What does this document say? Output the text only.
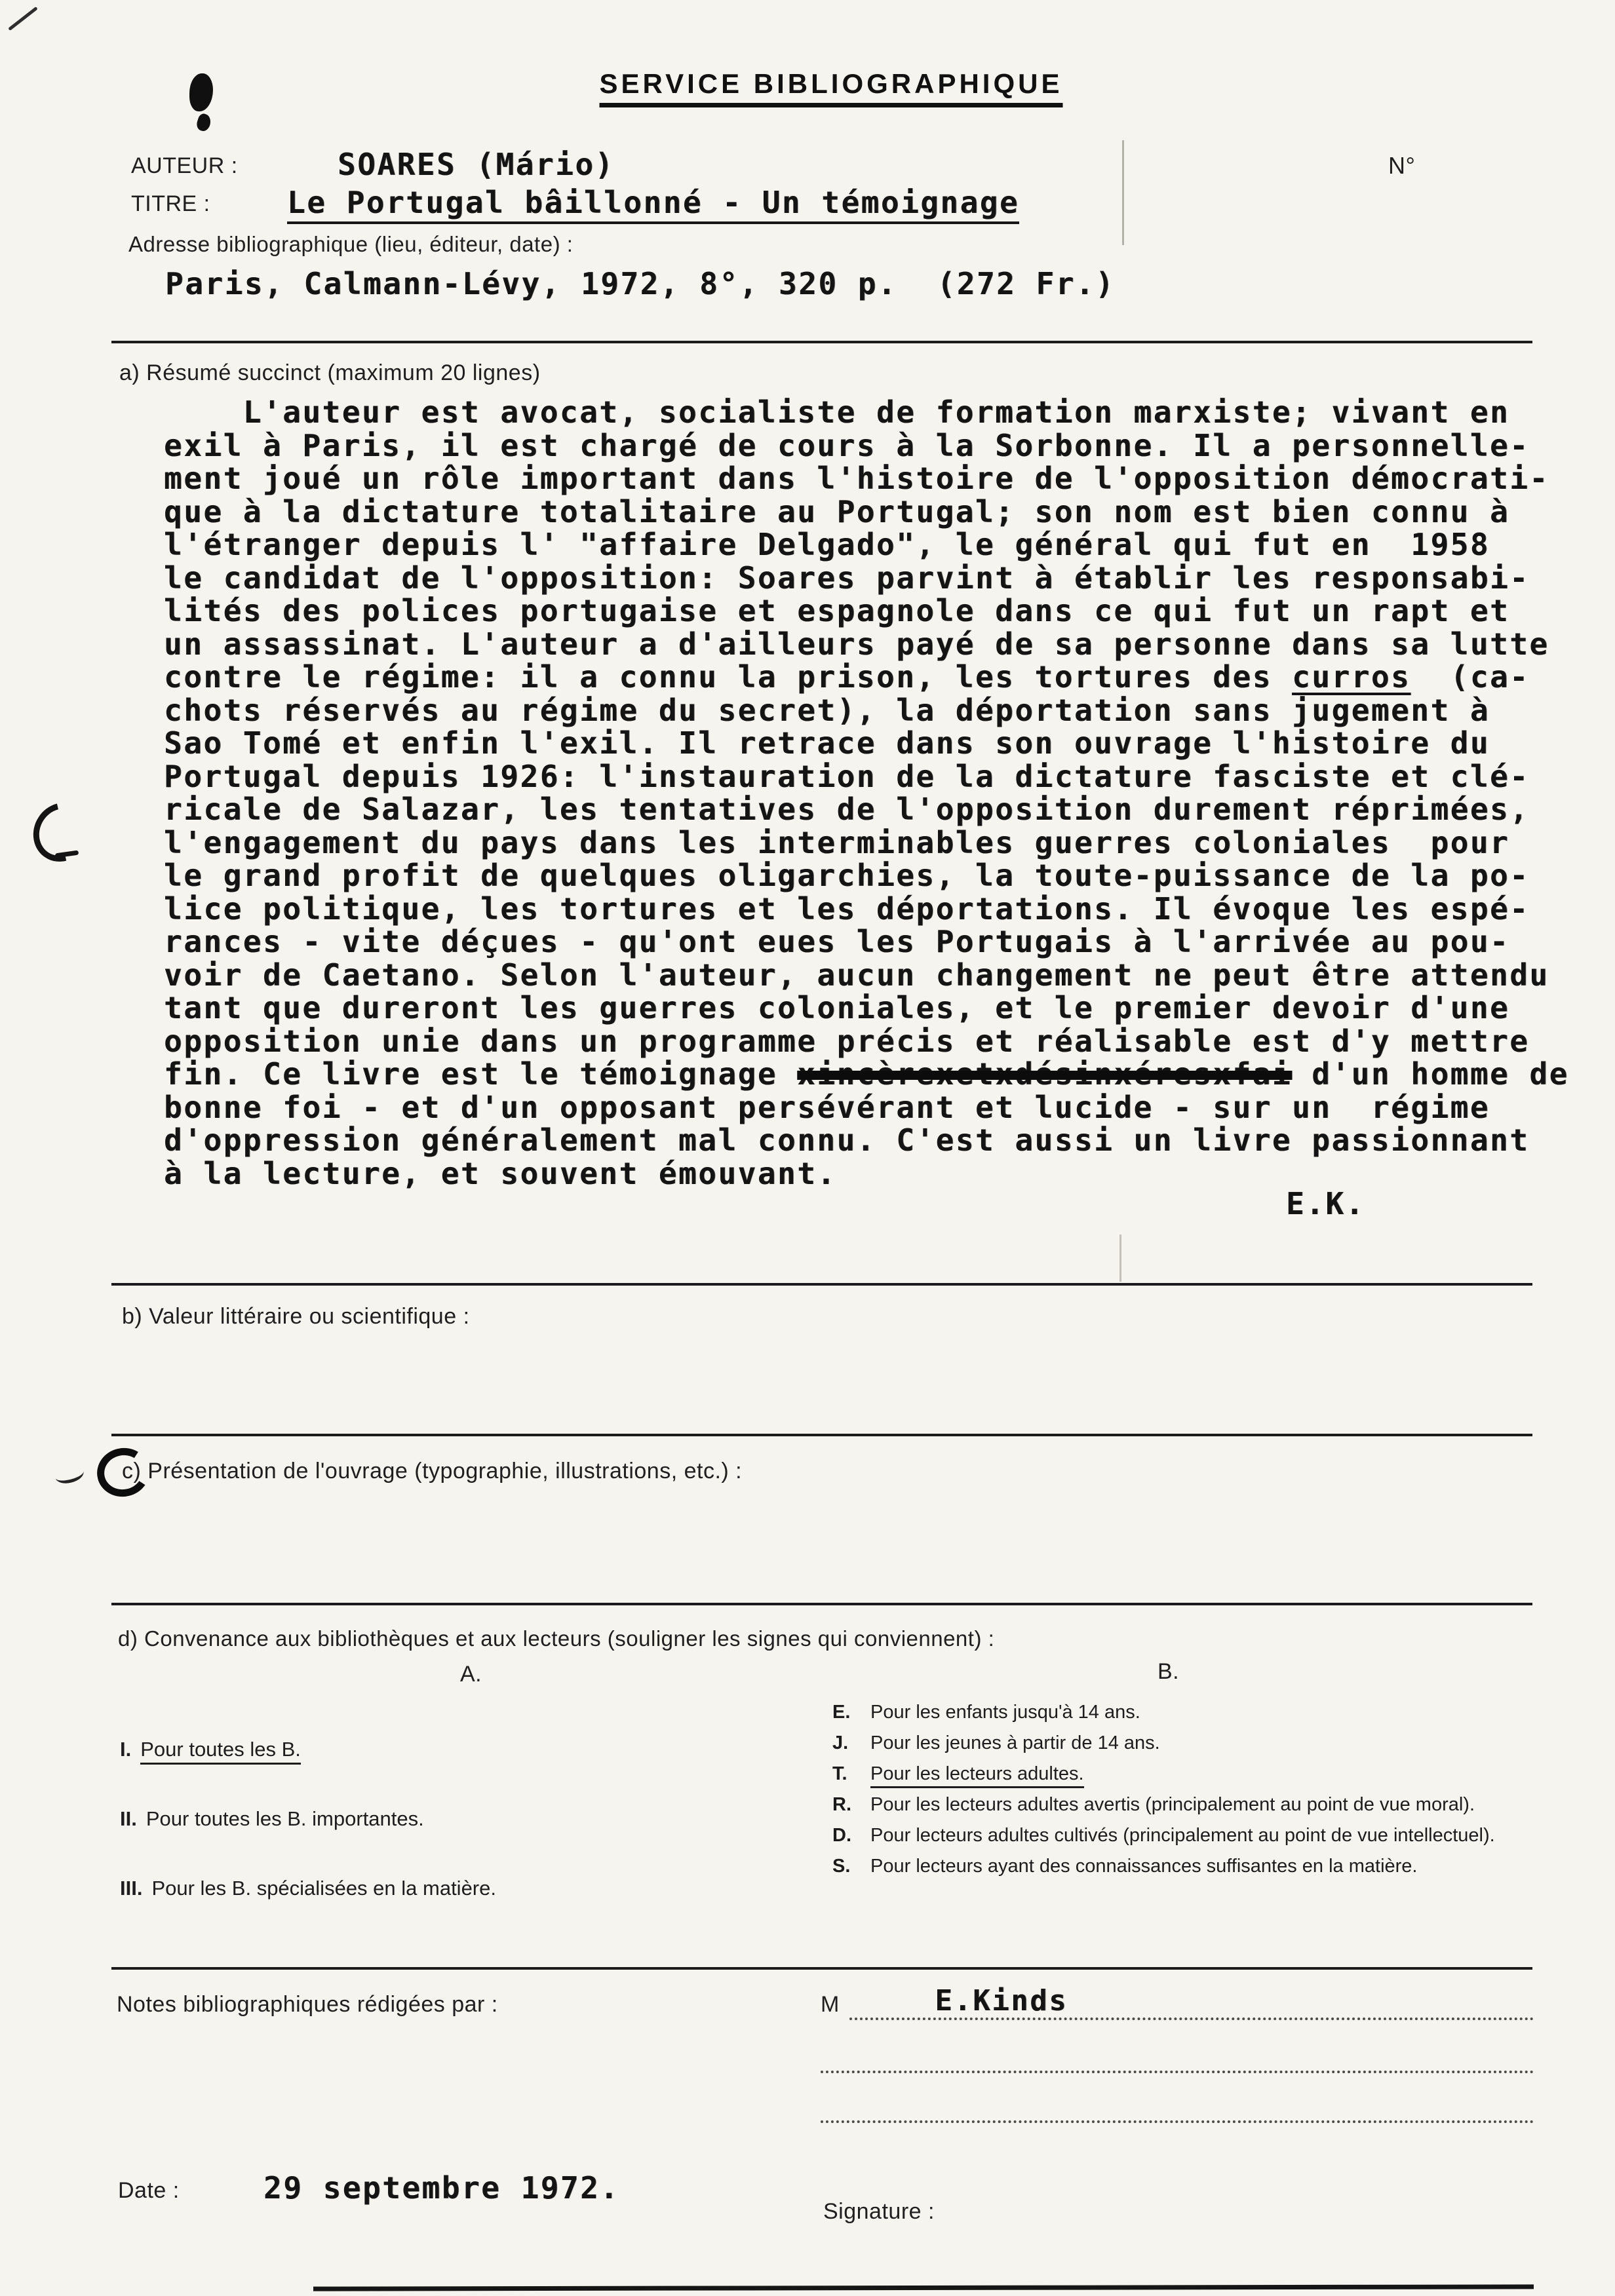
SERVICE BIBLIOGRAPHIQUE
AUTEUR :	SOARES (Mário)	N°
TITRE :	Le Portugal bâillonné - Un témoignage
Adresse bibliographique (lieu, éditeur, date) :
Paris, Calmann-Lévy, 1972, 8°, 320 p.  (272 Fr.)
a) Résumé succinct (maximum 20 lignes)
L'auteur est avocat, socialiste de formation marxiste; vivant en
exil à Paris, il est chargé de cours à la Sorbonne. Il a personnelle-
ment joué un rôle important dans l'histoire de l'opposition démocrati-
que à la dictature totalitaire au Portugal; son nom est bien connu à
l'étranger depuis l' "affaire Delgado", le général qui fut en  1958
le candidat de l'opposition: Soares parvint à établir les responsabi-
lités des polices portugaise et espagnole dans ce qui fut un rapt et
un assassinat. L'auteur a d'ailleurs payé de sa personne dans sa lutte
contre le régime: il a connu la prison, les tortures des curros  (ca-
chots réservés au régime du secret), la déportation sans jugement à
Sao Tomé et enfin l'exil. Il retrace dans son ouvrage l'histoire du
Portugal depuis 1926: l'instauration de la dictature fasciste et clé-
ricale de Salazar, les tentatives de l'opposition durement réprimées,
l'engagement du pays dans les interminables guerres coloniales  pour
le grand profit de quelques oligarchies, la toute-puissance de la po-
lice politique, les tortures et les déportations. Il évoque les espé-
rances - vite déçues - qu'ont eues les Portugais à l'arrivée au pou-
voir de Caetano. Selon l'auteur, aucun changement ne peut être attendu
tant que dureront les guerres coloniales, et le premier devoir d'une
opposition unie dans un programme précis et réalisable est d'y mettre
fin. Ce livre est le témoignage xincèrexetxdésinxéresxfai d'un homme de
bonne foi - et d'un opposant persévérant et lucide - sur un  régime
d'oppression généralement mal connu. C'est aussi un livre passionnant
à la lecture, et souvent émouvant.
E.K.
b) Valeur littéraire ou scientifique :
c) Présentation de l'ouvrage (typographie, illustrations, etc.) :
d) Convenance aux bibliothèques et aux lecteurs (souligner les signes qui conviennent) :
A.	B.
I. Pour toutes les B.
II. Pour toutes les B. importantes.
III. Pour les B. spécialisées en la matière.
E.	Pour les enfants jusqu'à 14 ans.
J.	Pour les jeunes à partir de 14 ans.
T.	Pour les lecteurs adultes.
R.	Pour les lecteurs adultes avertis (principalement au point de vue moral).
D.	Pour lecteurs adultes cultivés (principalement au point de vue intellectuel).
S.	Pour lecteurs ayant des connaissances suffisantes en la matière.
Notes bibliographiques rédigées par :	M	E.Kinds
Date :	29 septembre 1972.
Signature :
